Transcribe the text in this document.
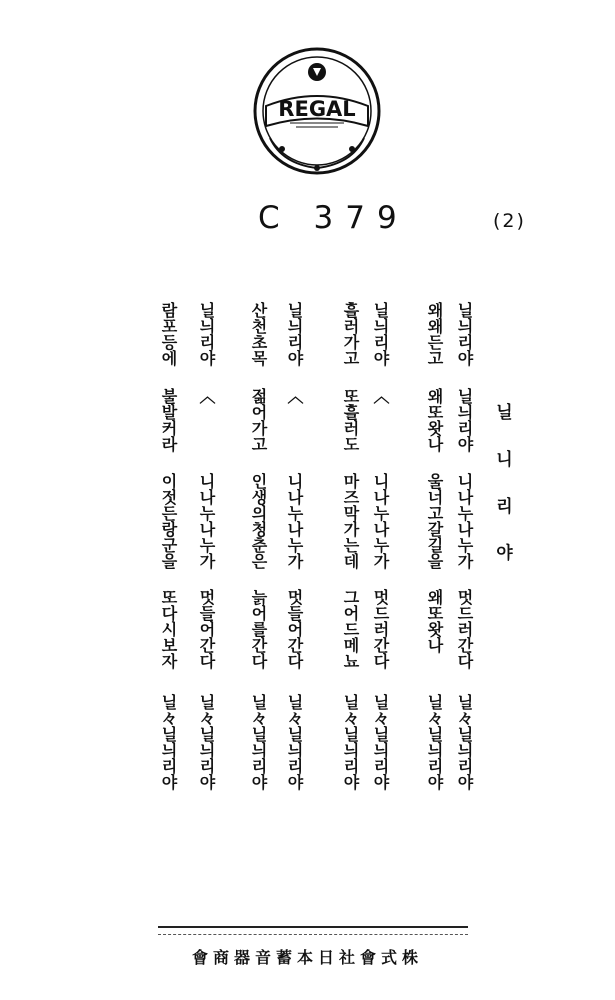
REGAL
C 379	(2)
닐 니 리 야
닐늬리야 닐늬리야 니나누나누가 멋드러간다 닐々닐늬리야
왜왜든고 왜또왓나 울너고갈길을 왜또왓나 닐々닐늬리야
닐늬리야 〈 니나누나누가 멋드러간다 닐々닐늬리야
흘러가고 또흘러도 마즈막가는데 그어드메뇨 닐々닐늬리야
닐늬리야 〈 니나누나누가 멋들어간다 닐々닐늬리야
산천초목 젊어가고 인생의청춘은 늙어를간다 닐々닐늬리야
닐늬리야 〈 니나누나누가 멋들어간다 닐々닐늬리야
람포등에 불발커라 이젓든랑군을 또다시보자 닐々닐늬리야
會商器音蓄本日社會式株
